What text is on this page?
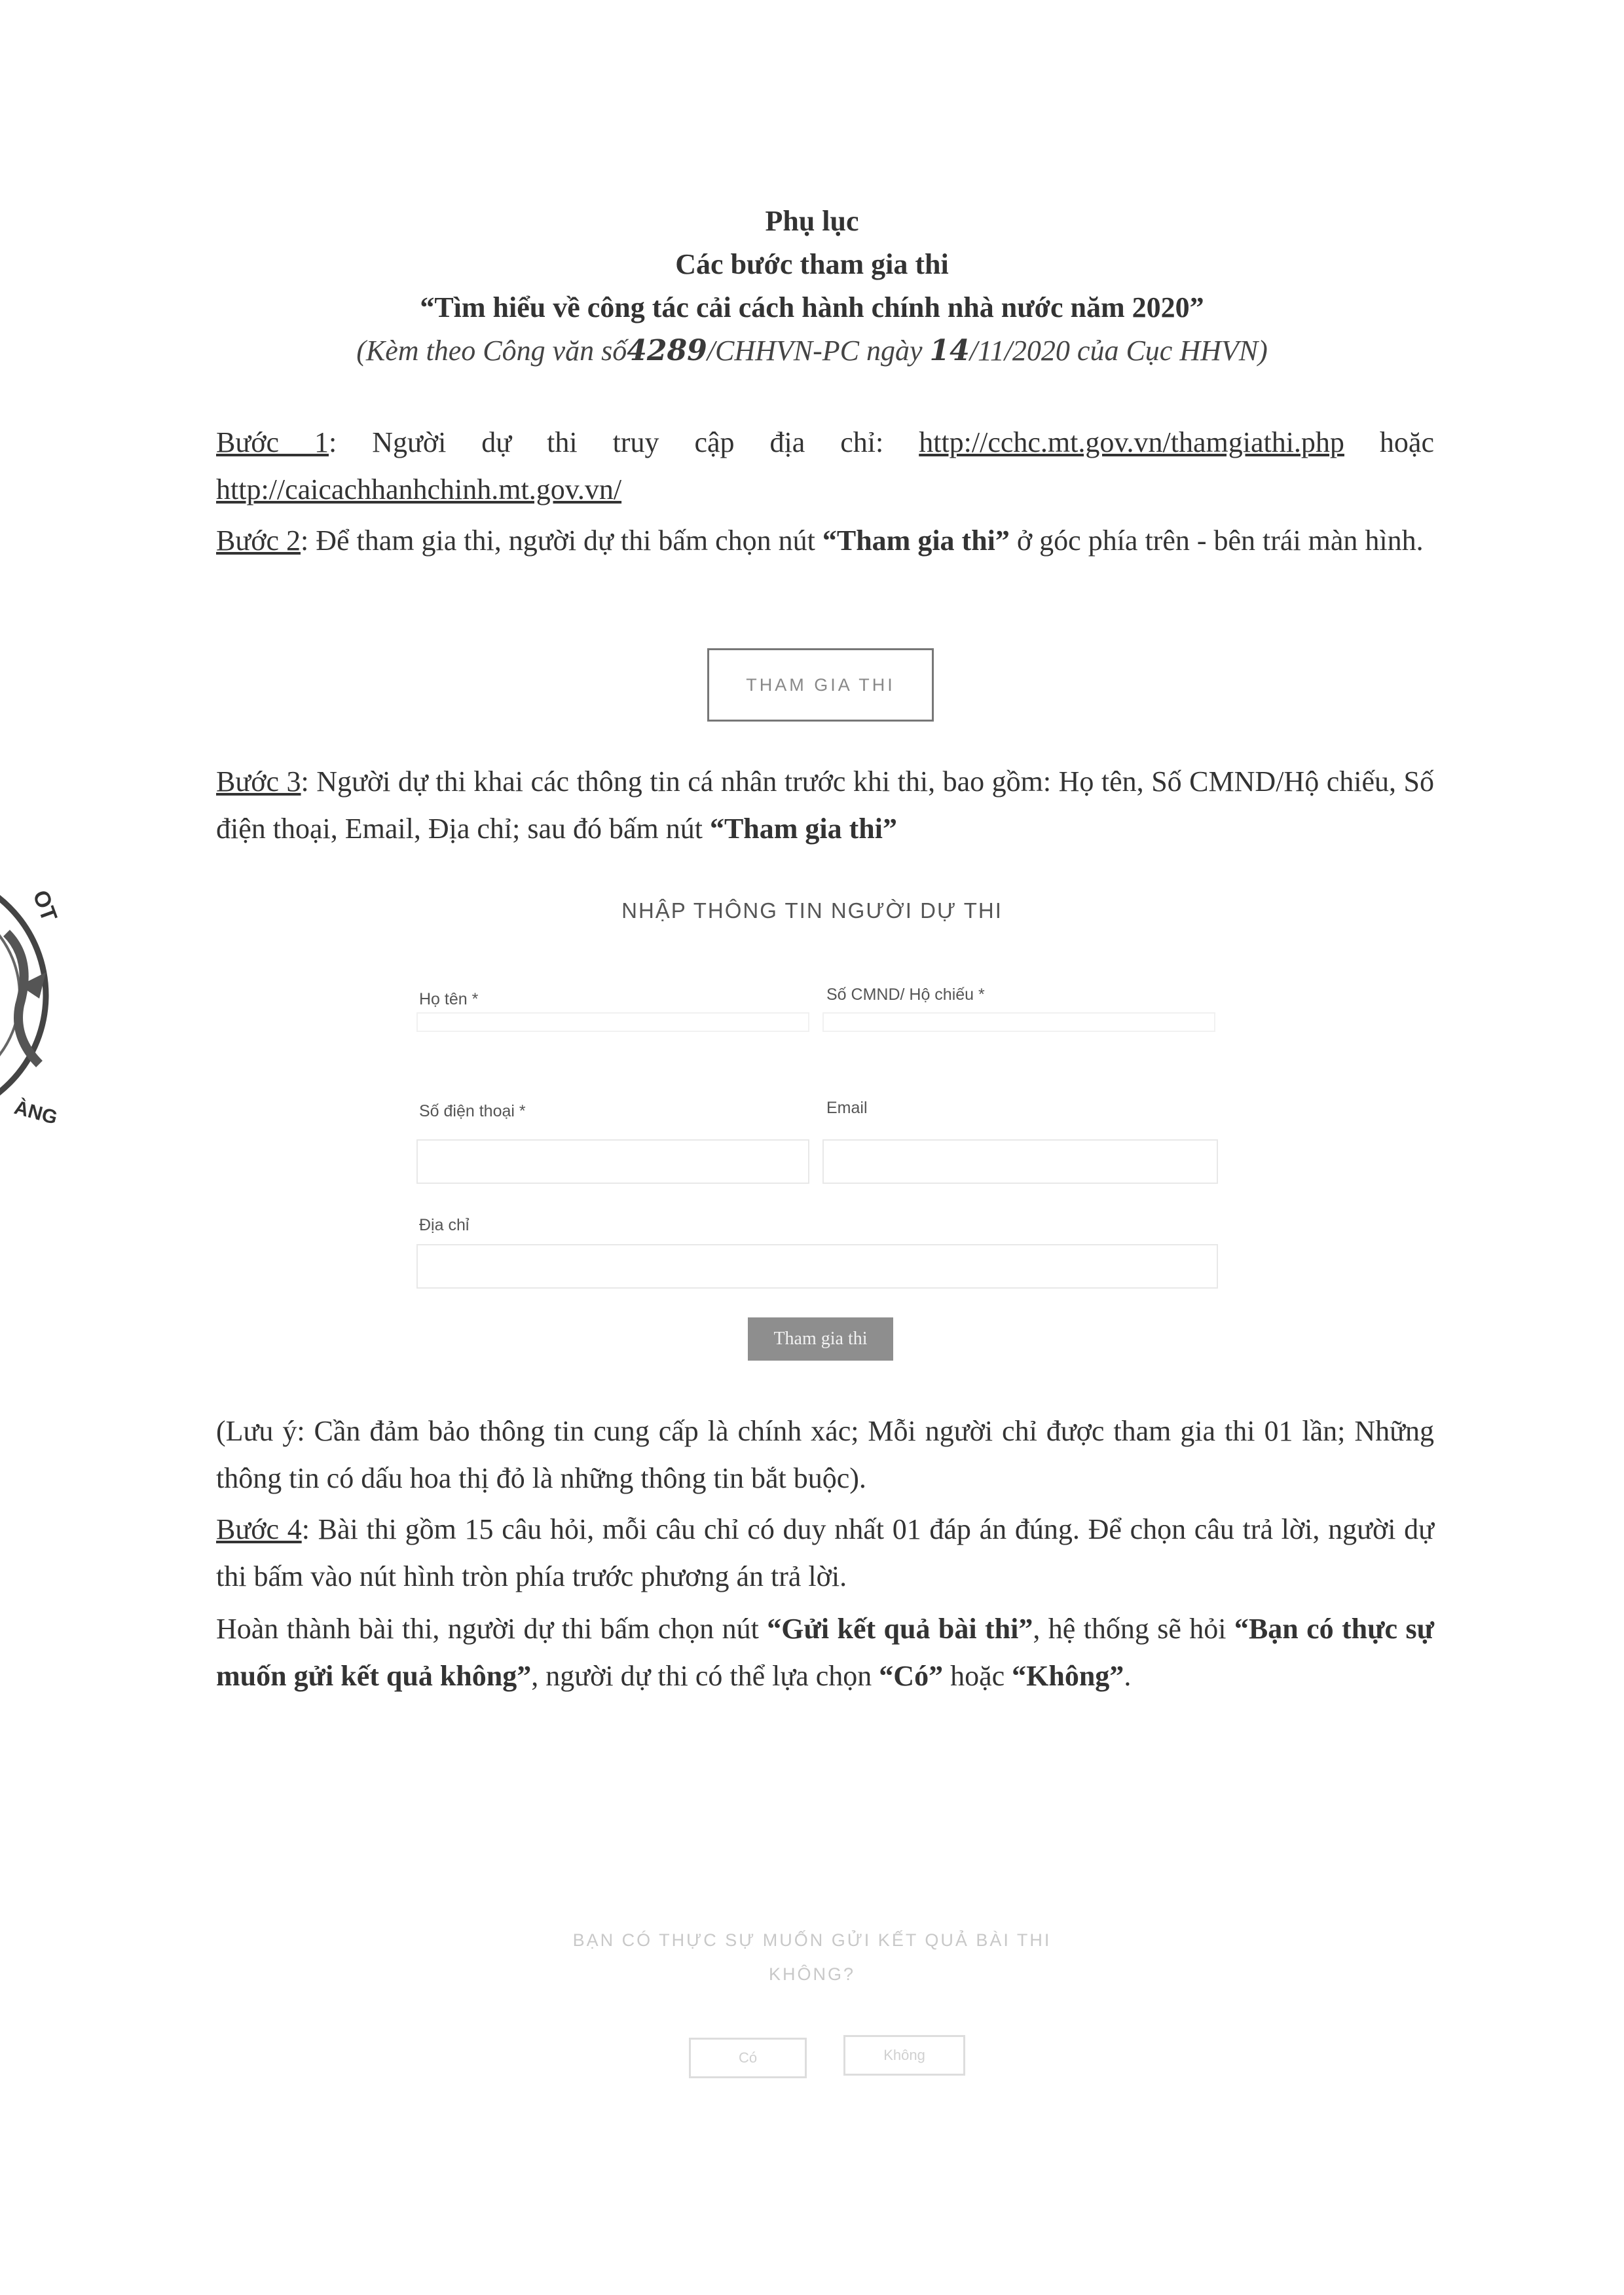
OT
ÀNG
Phụ lục
Các bước tham gia thi
“Tìm hiểu về công tác cải cách hành chính nhà nước năm 2020”
(Kèm theo Công văn số4289/CHHVN-PC ngày 14/11/2020 của Cục HHVN)
Bước 1: Người dự thi truy cập địa chỉ: http://cchc.mt.gov.vn/thamgiathi.php hoặc http://caicachhanhchinh.mt.gov.vn/
Bước 2: Để tham gia thi, người dự thi bấm chọn nút “Tham gia thi” ở góc phía trên - bên trái màn hình.
THAM GIA THI
Bước 3: Người dự thi khai các thông tin cá nhân trước khi thi, bao gồm: Họ tên, Số CMND/Hộ chiếu, Số điện thoại, Email, Địa chỉ; sau đó bấm nút “Tham gia thi”
NHẬP THÔNG TIN NGƯỜI DỰ THI
Họ tên *	Số CMND/ Hộ chiếu *
Số điện thoại *	Email
Địa chỉ
Tham gia thi
(Lưu ý: Cần đảm bảo thông tin cung cấp là chính xác; Mỗi người chỉ được tham gia thi 01 lần; Những thông tin có dấu hoa thị đỏ là những thông tin bắt buộc).
Bước 4: Bài thi gồm 15 câu hỏi, mỗi câu chỉ có duy nhất 01 đáp án đúng. Để chọn câu trả lời, người dự thi bấm vào nút hình tròn phía trước phương án trả lời.
Hoàn thành bài thi, người dự thi bấm chọn nút “Gửi kết quả bài thi”, hệ thống sẽ hỏi “Bạn có thực sự muốn gửi kết quả không”, người dự thi có thể lựa chọn “Có” hoặc “Không”.
BẠN CÓ THỰC SỰ MUỐN GỬI KẾT QUẢ BÀI THI
KHÔNG?
Có	Không
